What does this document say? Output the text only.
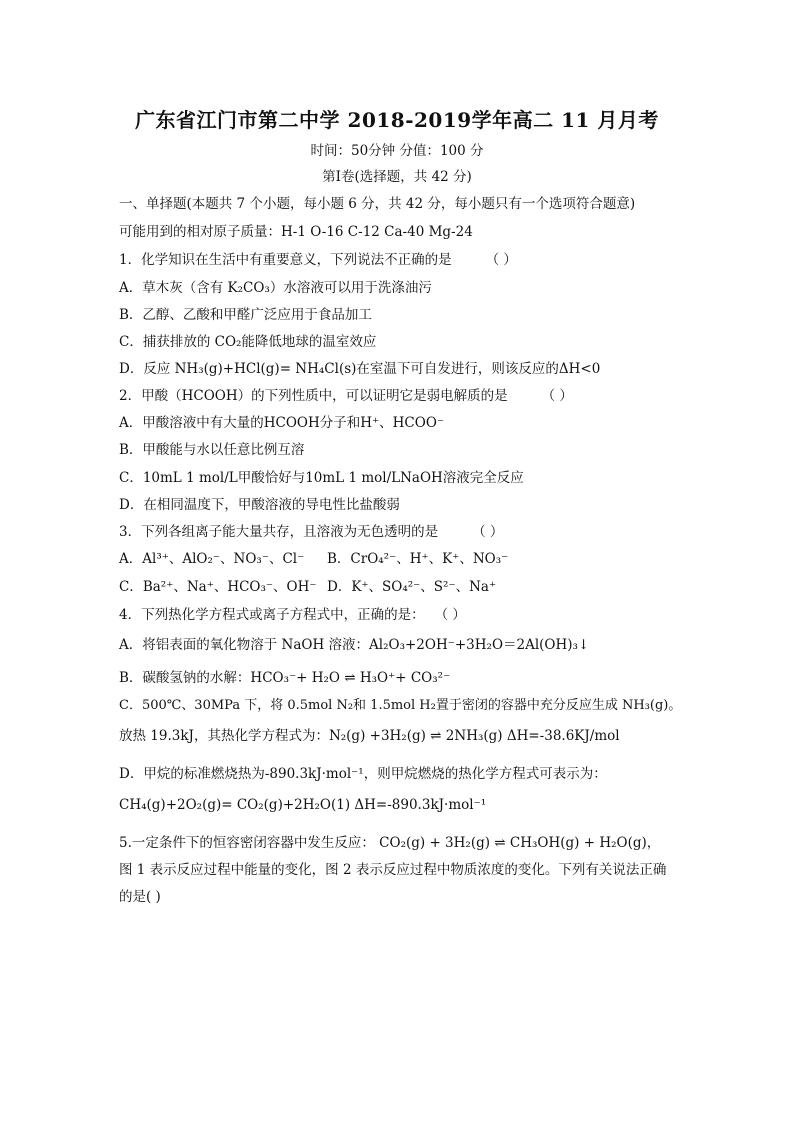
广东省江门市第二中学 2018-2019学年高二 11 月月考
时间：50分钟 分值：100 分
第Ⅰ卷(选择题，共 42 分)
一、单择题(本题共 7 个小题，每小题 6 分，共 42 分，每小题只有一个选项符合题意)
可能用到的相对原子质量：H-1 O-16 C-12 Ca-40 Mg-24
1．化学知识在生活中有重要意义，下列说法不正确的是	（ ）
A．草木灰（含有 K₂CO₃）水溶液可以用于洗涤油污
B．乙醇、乙酸和甲醛广泛应用于食品加工
C．捕获排放的 CO₂能降低地球的温室效应
D．反应 NH₃(g)+HCl(g)= NH₄Cl(s)在室温下可自发进行，则该反应的ΔH<0
2．甲酸（HCOOH）的下列性质中，可以证明它是弱电解质的是	（ ）
A．甲酸溶液中有大量的HCOOH分子和H⁺、HCOO⁻
B．甲酸能与水以任意比例互溶
C．10mL 1 mol/L甲酸恰好与10mL 1 mol/LNaOH溶液完全反应
D．在相同温度下，甲酸溶液的导电性比盐酸弱
3．下列各组离子能大量共存，且溶液为无色透明的是	（ ）
A．Al³⁺、AlO₂⁻、NO₃⁻、Cl⁻ B．CrO₄²⁻、H⁺、K⁺、NO₃⁻
C．Ba²⁺、Na⁺、HCO₃⁻、OH⁻ D．K⁺、SO₄²⁻、S²⁻、Na⁺
4．下列热化学方程式或离子方程式中，正确的是： （ ）
A．将铝表面的氧化物溶于 NaOH 溶液：Al₂O₃+2OH⁻+3H₂O＝2Al(OH)₃↓
B．碳酸氢钠的水解：HCO₃⁻+ H₂O ⇌ H₃O⁺+ CO₃²⁻
C．500℃、30MPa 下，将 0.5mol N₂和 1.5mol H₂置于密闭的容器中充分反应生成 NH₃(g)。
放热 19.3kJ，其热化学方程式为：N₂(g) +3H₂(g) ⇌ 2NH₃(g) ΔH=-38.6KJ/mol
D．甲烷的标准燃烧热为-890.3kJ·mol⁻¹，则甲烷燃烧的热化学方程式可表示为：
CH₄(g)+2O₂(g)= CO₂(g)+2H₂O(1) ΔH=-890.3kJ·mol⁻¹
5.一定条件下的恒容密闭容器中发生反应： CO₂(g) + 3H₂(g) ⇌ CH₃OH(g) + H₂O(g)，
图 1 表示反应过程中能量的变化，图 2 表示反应过程中物质浓度的变化。下列有关说法正确
的是( )
